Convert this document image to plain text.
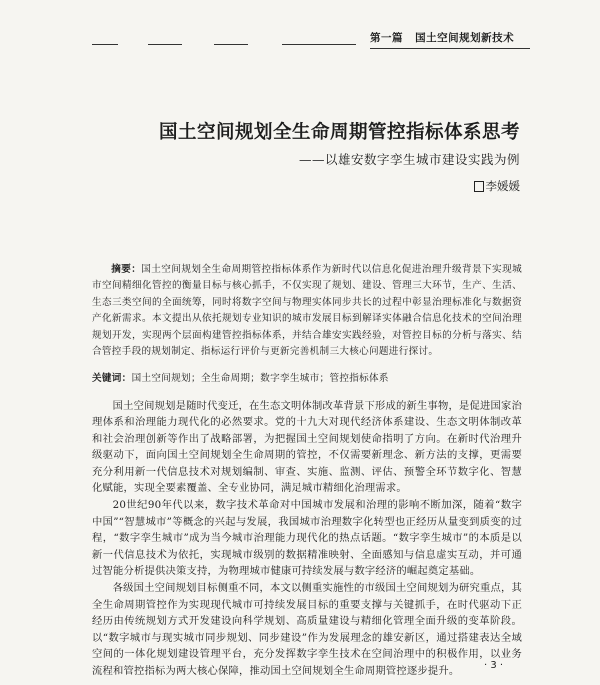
第一篇 国土空间规划新技术
国土空间规划全生命周期管控指标体系思考
——以雄安数字孪生城市建设实践为例
李媛媛
摘要：国土空间规划全生命周期管控指标体系作为新时代以信息化促进治理升级背景下实现城市空间精细化管控的衡量目标与核心抓手，不仅实现了规划、建设、管理三大环节，生产、生活、生态三类空间的全面统筹，同时将数字空间与物理实体同步共长的过程中彰显治理标准化与数据资产化新需求。本文提出从依托规划专业知识的城市发展目标到解译实体融合信息化技术的空间治理规划开发，实现两个层面构建管控指标体系，并结合雄安实践经验，对管控目标的分析与落实、结合管控手段的规划制定、指标运行评价与更新完善机制三大核心问题进行探讨。
关键词：国土空间规划；全生命周期；数字孪生城市；管控指标体系

国土空间规划是随时代变迁，在生态文明体制改革背景下形成的新生事物，是促进国家治理体系和治理能力现代化的必然要求。党的十九大对现代经济体系建设、生态文明体制改革和社会治理创新等作出了战略部署，为把握国土空间规划使命指明了方向。在新时代治理升级驱动下，面向国土空间规划全生命周期的管控，不仅需要新理念、新方法的支撑，更需要充分利用新一代信息技术对规划编制、审查、实施、监测、评估、预警全环节数字化、智慧化赋能，实现全要素覆盖、全专业协同，满足城市精细化治理需求。

20世纪90年代以来，数字技术革命对中国城市发展和治理的影响不断加深，随着“数字中国”“智慧城市”等概念的兴起与发展，我国城市治理数字化转型也正经历从量变到质变的过程，“数字孪生城市”成为当今城市治理能力现代化的热点话题。“数字孪生城市”的本质是以新一代信息技术为依托，实现城市级别的数据精准映射、全面感知与信息虚实互动，并可通过智能分析提供决策支持，为物理城市健康可持续发展与数字经济的崛起奠定基础。

各级国土空间规划目标侧重不同，本文以侧重实施性的市级国土空间规划为研究重点，其全生命周期管控作为实现现代城市可持续发展目标的重要支撑与关键抓手，在时代驱动下正经历由传统规划方式开发建设向科学规划、高质量建设与精细化管理全面升级的变革阶段。以“数字城市与现实城市同步规划、同步建设”作为发展理念的雄安新区，通过搭建表达全域空间的一体化规划建设管理平台，充分发挥数字孪生技术在空间治理中的积极作用，以业务流程和管控指标为两大核心保障，推动国土空间规划全生命周期管控逐步提升。	· 3 ·
